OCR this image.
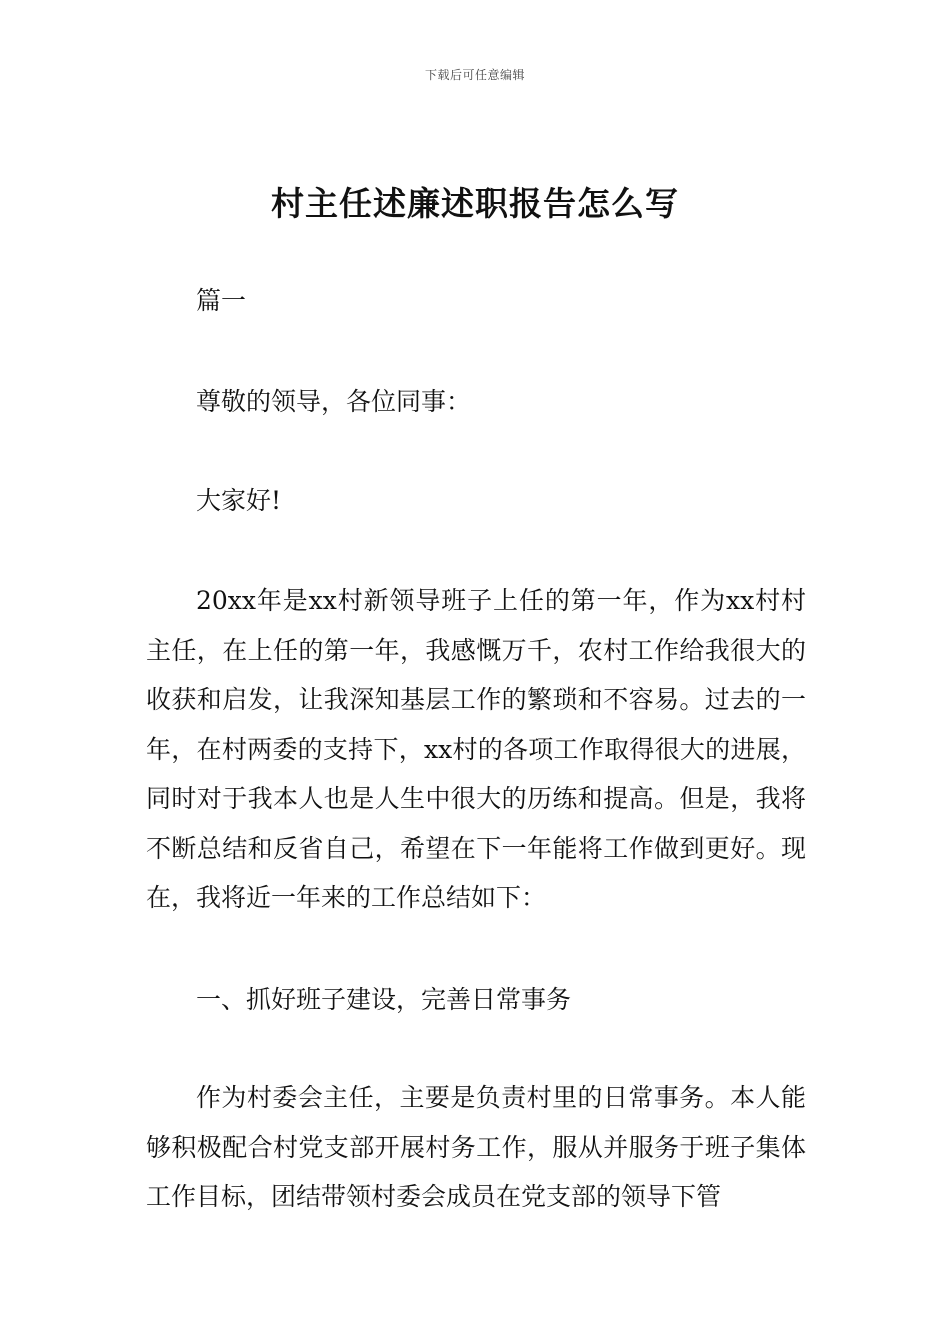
下载后可任意编辑
村主任述廉述职报告怎么写

篇一

尊敬的领导，各位同事：

大家好!

20xx年是xx村新领导班子上任的第一年，作为xx村村主任，在上任的第一年，我感慨万千，农村工作给我很大的收获和启发，让我深知基层工作的繁琐和不容易。过去的一年，在村两委的支持下，xx村的各项工作取得很大的进展，同时对于我本人也是人生中很大的历练和提高。但是，我将不断总结和反省自己，希望在下一年能将工作做到更好。现在，我将近一年来的工作总结如下：

一、抓好班子建设，完善日常事务

作为村委会主任，主要是负责村里的日常事务。本人能够积极配合村党支部开展村务工作，服从并服务于班子集体工作目标，团结带领村委会成员在党支部的领导下管
